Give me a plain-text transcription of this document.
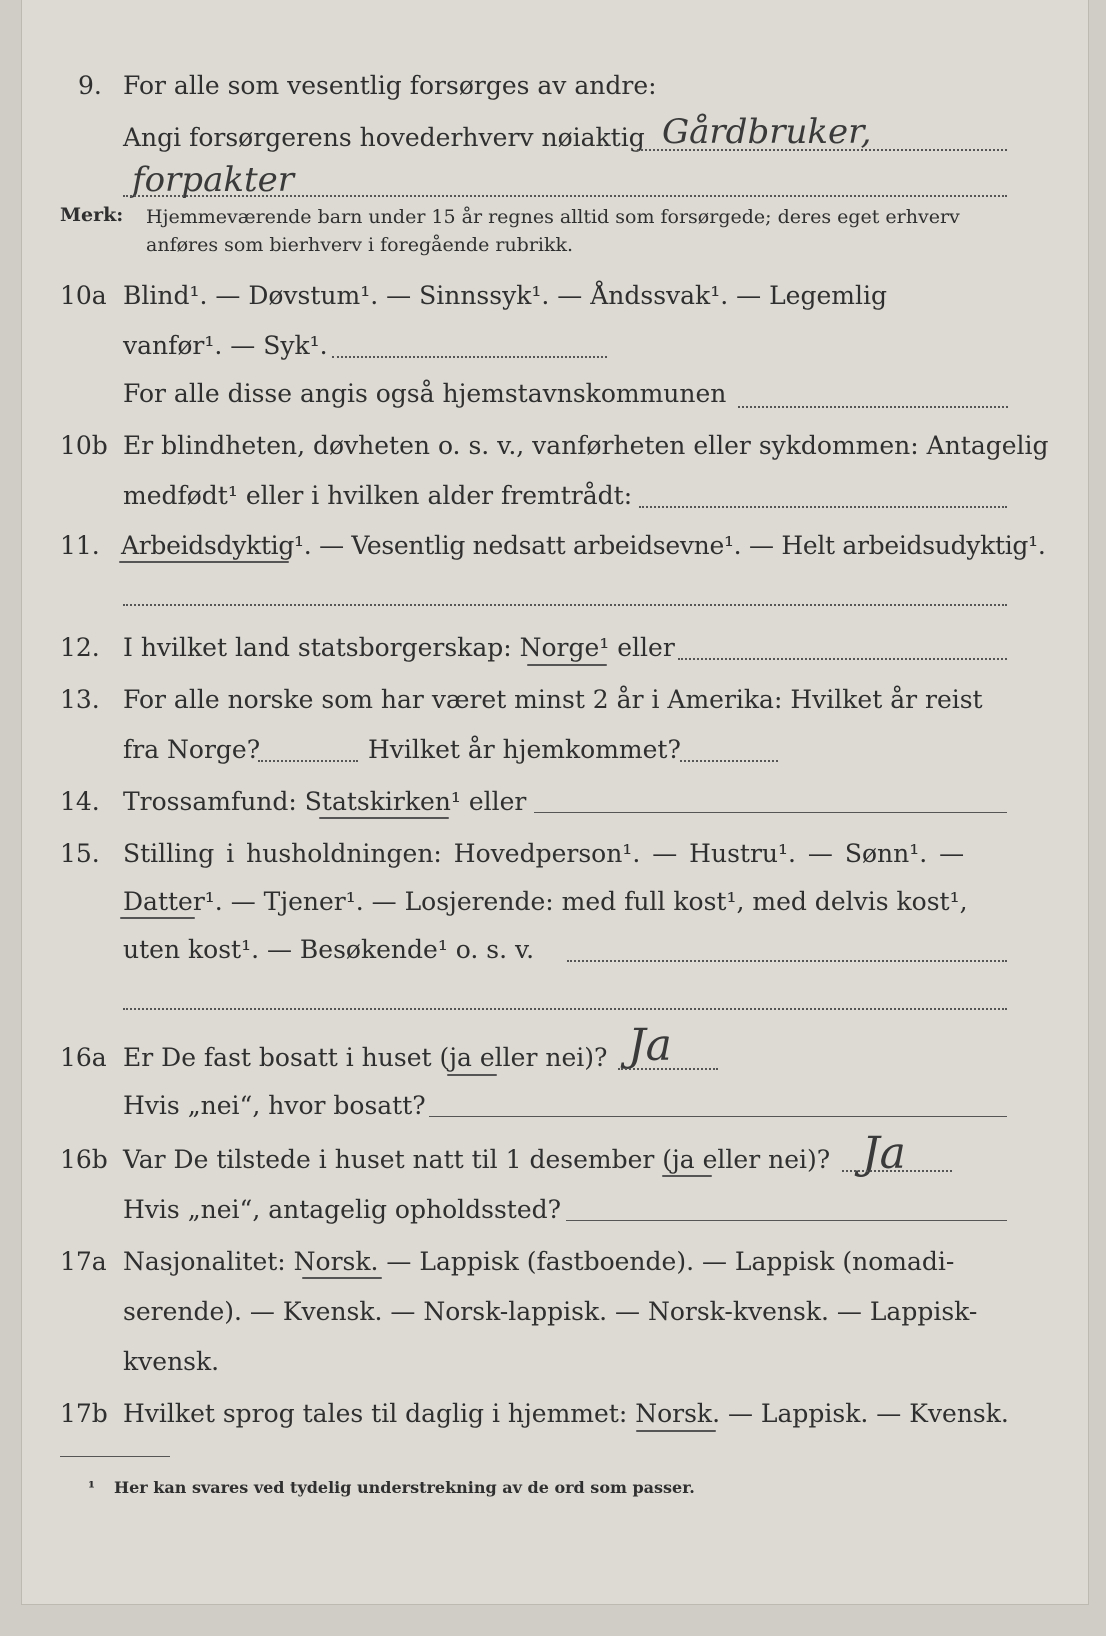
9. For alle som vesentlig forsørges av andre:
Angi forsørgerens hovederhverv nøiaktig Gårdbruker,
forpakter
Merk: Hjemmeværende barn under 15 år regnes alltid som forsørgede; deres eget erhverv
anføres som bierhverv i foregående rubrikk.
10a Blind¹. — Døvstum¹. — Sinnssyk¹. — Åndssvak¹. — Legemlig
vanfør¹. — Syk¹.
For alle disse angis også hjemstavnskommunen
10b Er blindheten, døvheten o. s. v., vanførheten eller sykdommen: Antagelig
medfødt¹ eller i hvilken alder fremtrådt:
11. Arbeidsdyktig¹. — Vesentlig nedsatt arbeidsevne¹. — Helt arbeidsudyktig¹.
12. I hvilket land statsborgerskap: Norge¹ eller
13. For alle norske som har været minst 2 år i Amerika: Hvilket år reist
fra Norge?	Hvilket år hjemkommet?
14. Trossamfund: Statskirken¹ eller
15. Stilling i husholdningen: Hovedperson¹. — Hustru¹. — Sønn¹. —
Datter¹. — Tjener¹. — Losjerende: med full kost¹, med delvis kost¹,
uten kost¹. — Besøkende¹ o. s. v.
16a Er De fast bosatt i huset (ja eller nei)? Ja
Hvis „nei“, hvor bosatt?
16b Var De tilstede i huset natt til 1 desember (ja eller nei)? Ja
Hvis „nei“, antagelig opholdssted?
17a Nasjonalitet: Norsk. — Lappisk (fastboende). — Lappisk (nomadi-
serende). — Kvensk. — Norsk-lappisk. — Norsk-kvensk. — Lappisk-
kvensk.
17b Hvilket sprog tales til daglig i hjemmet: Norsk. — Lappisk. — Kvensk.
¹ Her kan svares ved tydelig understrekning av de ord som passer.
